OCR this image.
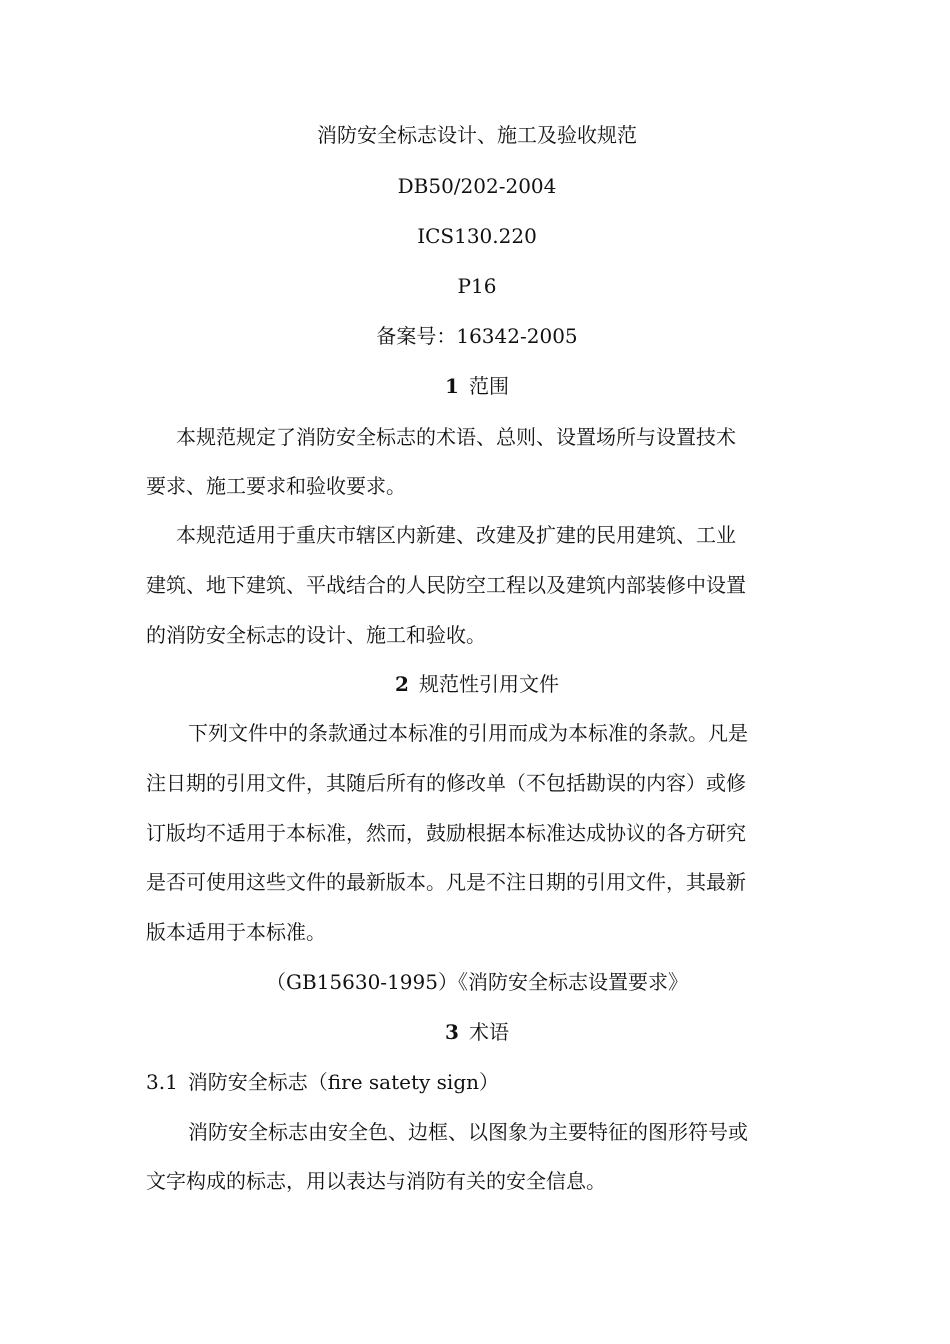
消防安全标志设计、施工及验收规范
DB50/202-2004
ICS130.220
P16
备案号：16342-2005
1 范围
本规范规定了消防安全标志的术语、总则、设置场所与设置技术
要求、施工要求和验收要求。
本规范适用于重庆市辖区内新建、改建及扩建的民用建筑、工业
建筑、地下建筑、平战结合的人民防空工程以及建筑内部装修中设置
的消防安全标志的设计、施工和验收。
2 规范性引用文件
下列文件中的条款通过本标准的引用而成为本标准的条款。凡是
注日期的引用文件，其随后所有的修改单（不包括勘误的内容）或修
订版均不适用于本标准，然而，鼓励根据本标准达成协议的各方研究
是否可使用这些文件的最新版本。凡是不注日期的引用文件，其最新
版本适用于本标准。
（GB15630-1995）《消防安全标志设置要求》
3 术语
3.1 消防安全标志（fire satety sign）
消防安全标志由安全色、边框、以图象为主要特征的图形符号或
文字构成的标志，用以表达与消防有关的安全信息。
